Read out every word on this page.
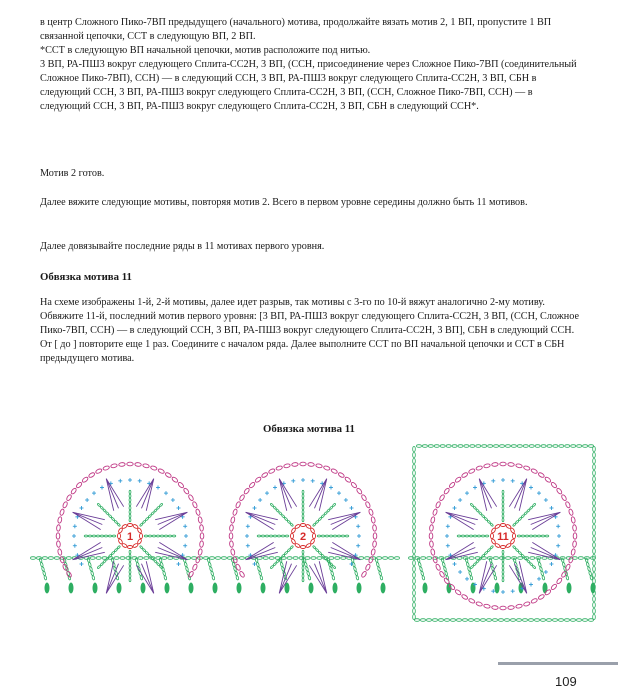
в центр Сложного Пико-7ВП предыдущего (начального) мотива, продолжайте вязать мотив 2, 1 ВП, пропустите 1 ВП связанной цепочки, ССТ в следующую ВП, 2 ВП.

*ССТ в следующую ВП начальной цепочки, мотив расположите под нитью.

3 ВП, РА-ПШ3 вокруг следующего Сплита-СС2Н, 3 ВП, (ССН, присоединение через Сложное Пико-7ВП (соединительный Сложное Пико-7ВП), ССН) — в следующий ССН, 3 ВП, РА-ПШ3 вокруг следующего Сплита-СС2Н, 3 ВП, СБН в следующий ССН, 3 ВП, РА-ПШ3 вокруг следующего Сплита-СС2Н, 3 ВП, (ССН, Сложное Пико-7ВП, ССН) — в следующий ССН, 3 ВП, РА-ПШ3 вокруг следующего Сплита-СС2Н, 3 ВП, СБН в следующий ССН*.

Мотив 2 готов.

Далее вяжите следующие мотивы, повторяя мотив 2. Всего в первом уровне середины должно быть 11 мотивов.

Далее довязывайте последние ряды в 11 мотивах первого уровня.

Обвязка мотива 11

На схеме изображены 1-й, 2-й мотивы, далее идет разрыв, так мотивы с 3-го по 10-й вяжут аналогично 2-му мотиву.

Обвяжите 11-й, последний мотив первого уровня: [3 ВП, РА-ПШ3 вокруг следующего Сплита-СС2Н, 3 ВП, (ССН, Сложное Пико-7ВП, ССН) — в следующий ССН, 3 ВП, РА-ПШ3 вокруг следующего Сплита-СС2Н, 3 ВП], СБН в следующий ССН. От [ до ] повторите еще 1 раз. Соедините с началом ряда. Далее выполните ССТ по ВП начальной цепочки и ССТ в СБН предыдущего мотива.

Обвязка мотива 11
1	2	11
109
